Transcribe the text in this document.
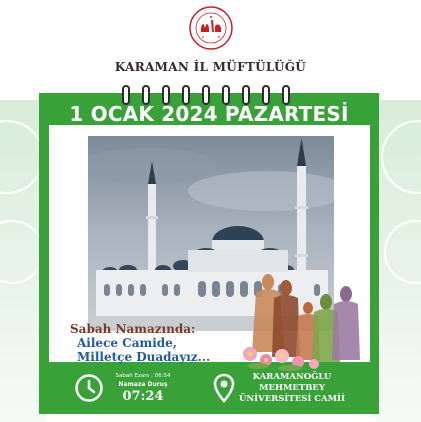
KARAMAN İL MÜFTÜLÜĞÜ
1 OCAK 2024 PAZARTESİ
Sabah Namazında:
Ailece Camide,
Milletçe Duadayız...
Sabah Ezanı : 06:54
Namaza Duruş
07:24
KARAMANOĞLU
MEHMETBEY
ÜNİVERSİTESİ CAMİİ
